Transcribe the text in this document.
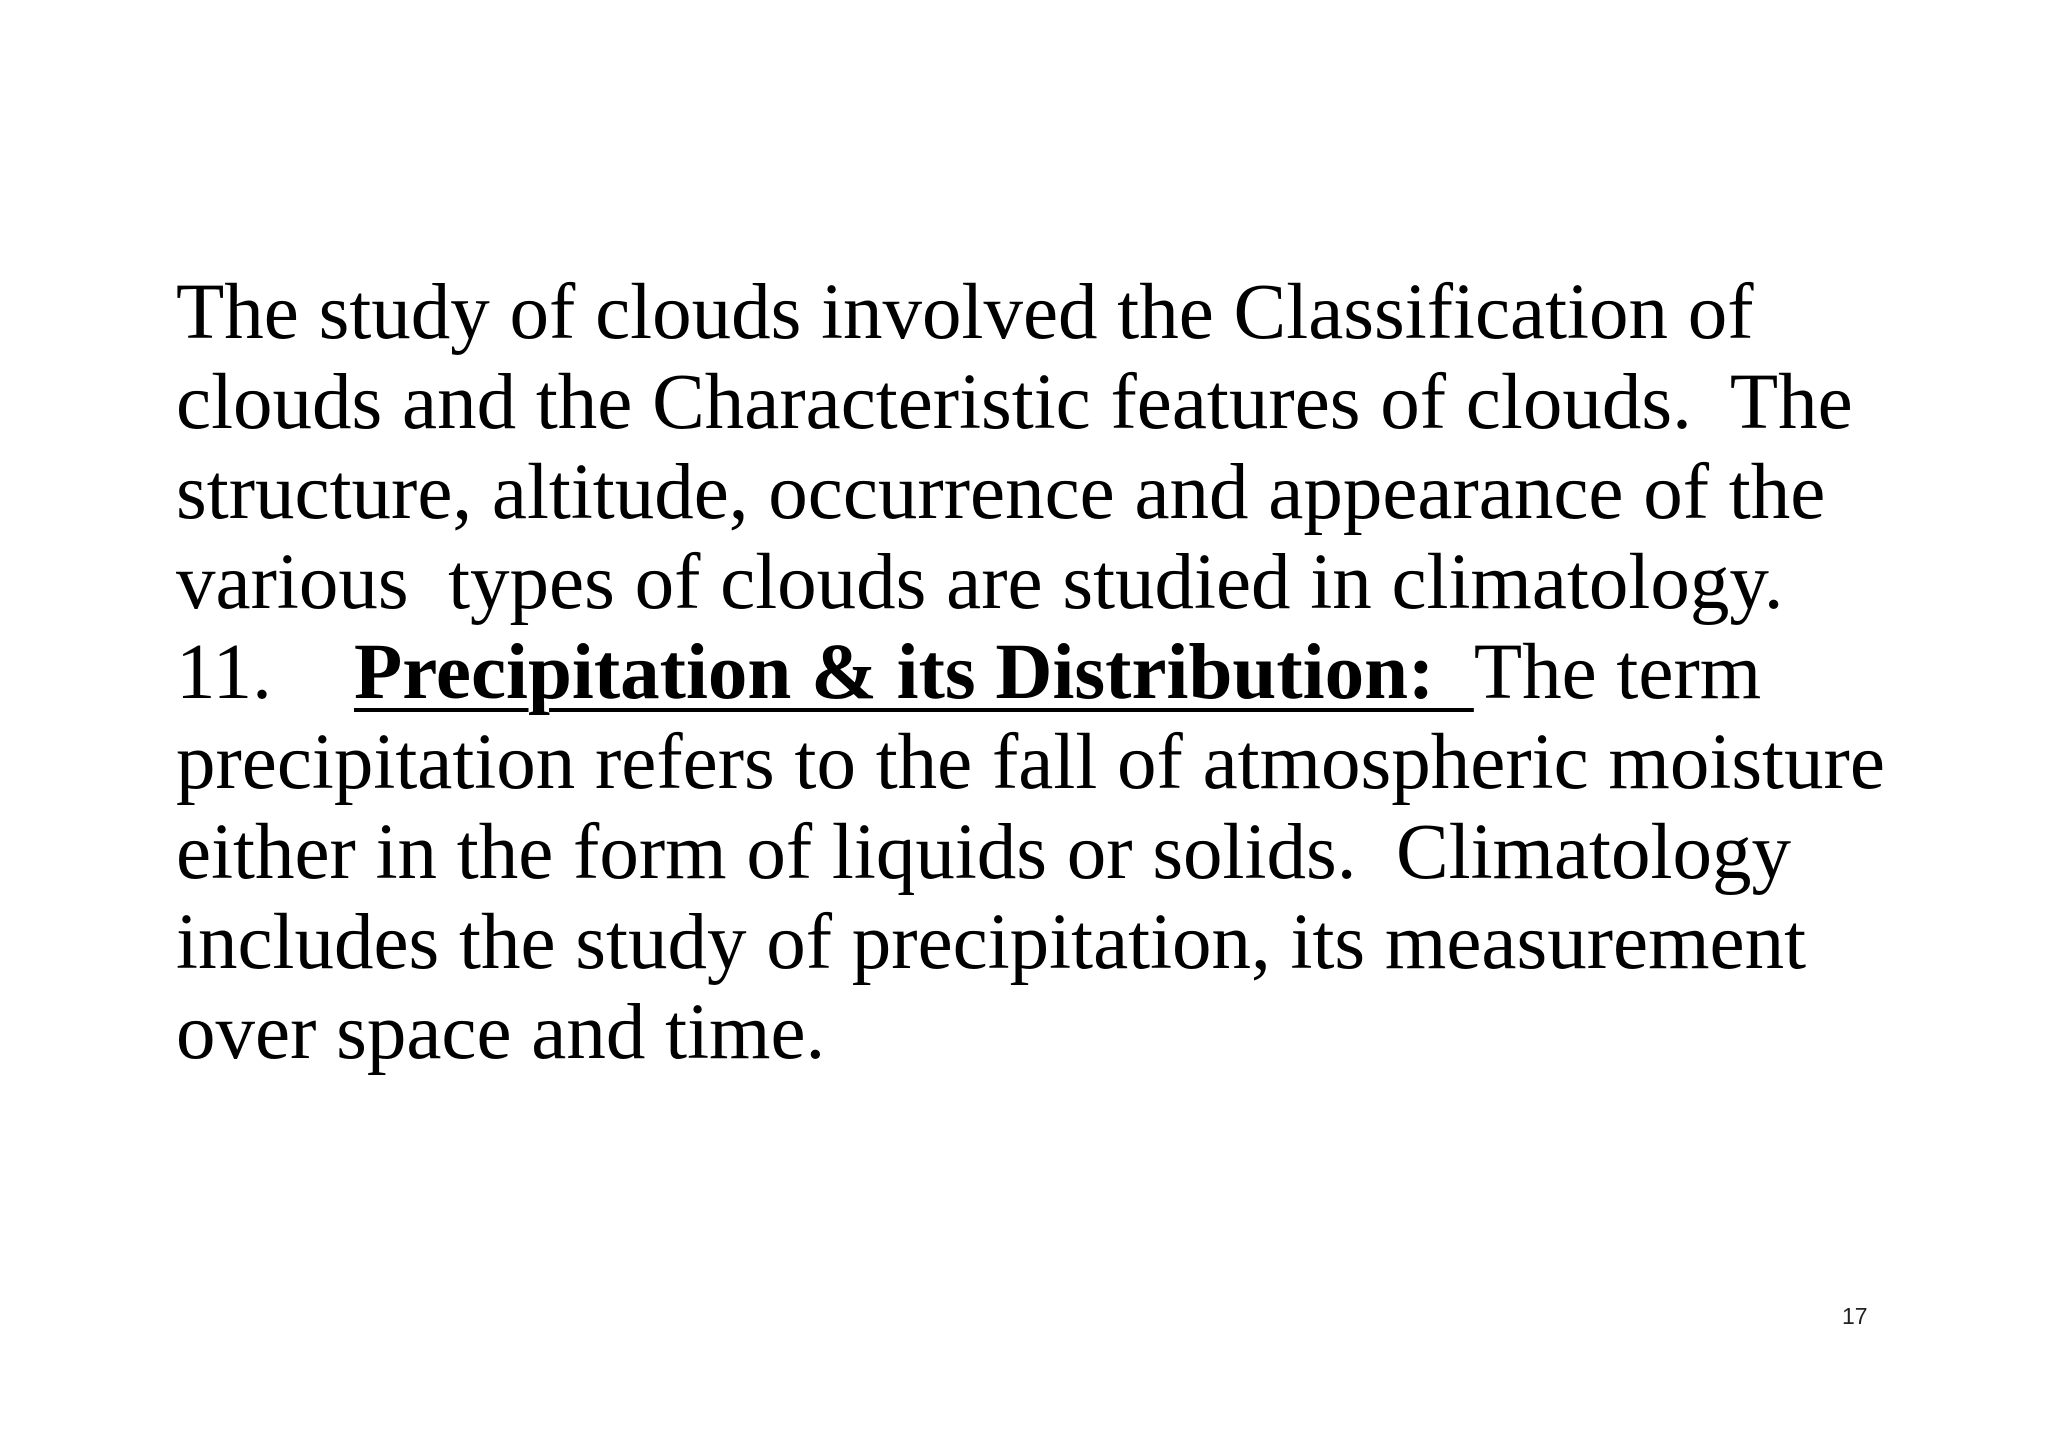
The study of clouds involved the Classification of
clouds and the Characteristic features of clouds.  The
structure, altitude, occurrence and appearance of the
various  types of clouds are studied in climatology.
11. Precipitation & its Distribution:  The term
precipitation refers to the fall of atmospheric moisture
either in the form of liquids or solids.  Climatology
includes the study of precipitation, its measurement
over space and time.
17
